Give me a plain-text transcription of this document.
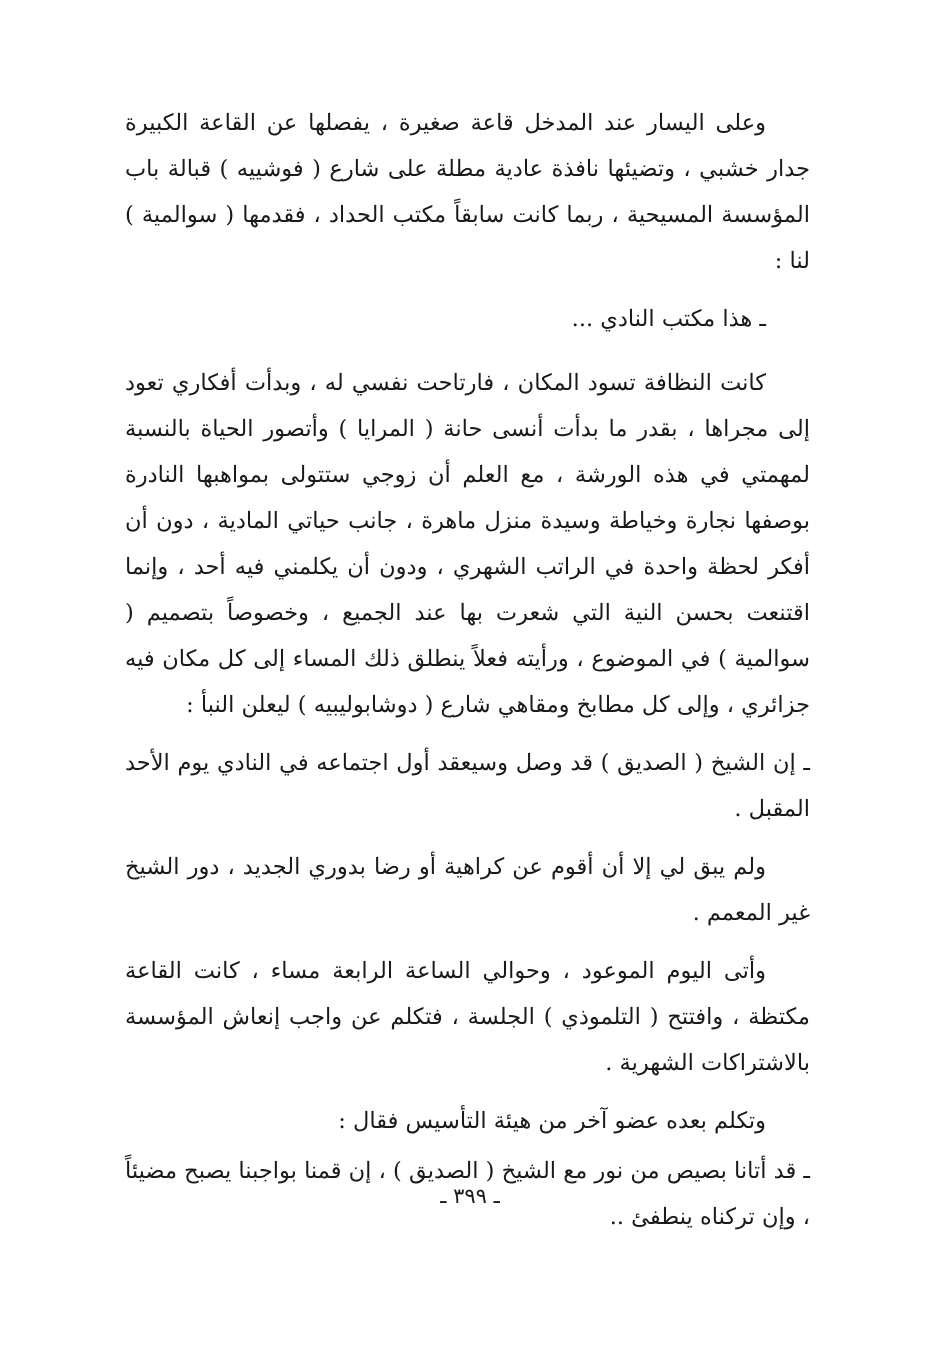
وعلى اليسار عند المدخل قاعة صغيرة ، يفصلها عن القاعة الكبيرة جدار خشبي ، وتضيئها نافذة عادية مطلة على شارع ( فوشييه ) قبالة باب المؤسسة المسيحية ، ربما كانت سابقاً مكتب الحداد ، فقدمها ( سوالمية ) لنا :

ـ هذا مكتب النادي ...

كانت النظافة تسود المكان ، فارتاحت نفسي له ، وبدأت أفكاري تعود إلى مجراها ، بقدر ما بدأت أنسى حانة ( المرايا ) وأتصور الحياة بالنسبة لمهمتي في هذه الورشة ، مع العلم أن زوجي ستتولى بمواهبها النادرة بوصفها نجارة وخياطة وسيدة منزل ماهرة ، جانب حياتي المادية ، دون أن أفكر لحظة واحدة في الراتب الشهري ، ودون أن يكلمني فيه أحد ، وإنما اقتنعت بحسن النية التي شعرت بها عند الجميع ، وخصوصاً بتصميم ( سوالمية ) في الموضوع ، ورأيته فعلاً ينطلق ذلك المساء إلى كل مكان فيه جزائري ، وإلى كل مطابخ ومقاهي شارع ( دوشابوليبيه ) ليعلن النبأ :

ـ إن الشيخ ( الصديق ) قد وصل وسيعقد أول اجتماعه في النادي يوم الأحد المقبل .

ولم يبق لي إلا أن أقوم عن كراهية أو رضا بدوري الجديد ، دور الشيخ غير المعمم .

وأتى اليوم الموعود ، وحوالي الساعة الرابعة مساء ، كانت القاعة مكتظة ، وافتتح ( التلموذي ) الجلسة ، فتكلم عن واجب إنعاش المؤسسة بالاشتراكات الشهرية .

وتكلم بعده عضو آخر من هيئة التأسيس فقال :

ـ قد أتانا بصيص من نور مع الشيخ ( الصديق ) ، إن قمنا بواجبنا يصبح مضيئاً ، وإن تركناه ينطفئ ..

ـ ٣٩٩ ـ
